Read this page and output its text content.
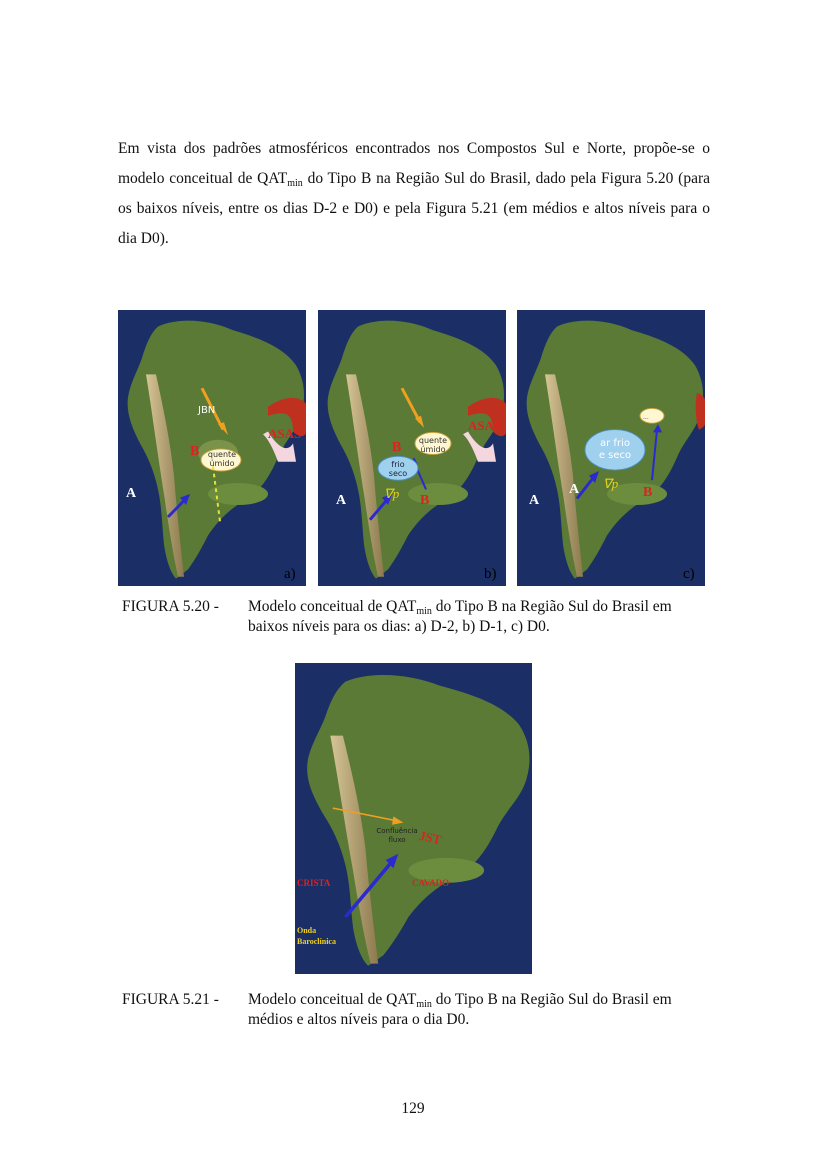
Em vista dos padrões atmosféricos encontrados nos Compostos Sul e Norte, propõe-se o modelo conceitual de $QAT_{min}$ do Tipo B na Região Sul do Brasil, dado pela Figura 5.20 (para os baixos níveis, entre os dias D-2 e D0) e pela Figura 5.21 (em médios e altos níveis para o dia D0).
JBN
ASAS
B	quente
úmido
A
a)
ASAS
B	quente
úmido
frio
seco
∇p
A	B
b)
...
ar frio
e seco
∇p
A
A	B
c)
FIGURA 5.20 - Modelo conceitual de $QAT_{min}$ do Tipo B na Região Sul do Brasil em baixos níveis para os dias: a) D-2, b) D-1, c) D0.
JST
Confluência
fluxo
CRISTA	CAVADO
Onda
Baroclínica
FIGURA 5.21 - Modelo conceitual de $QAT_{min}$ do Tipo B na Região Sul do Brasil em médios e altos níveis para o dia D0.
129
